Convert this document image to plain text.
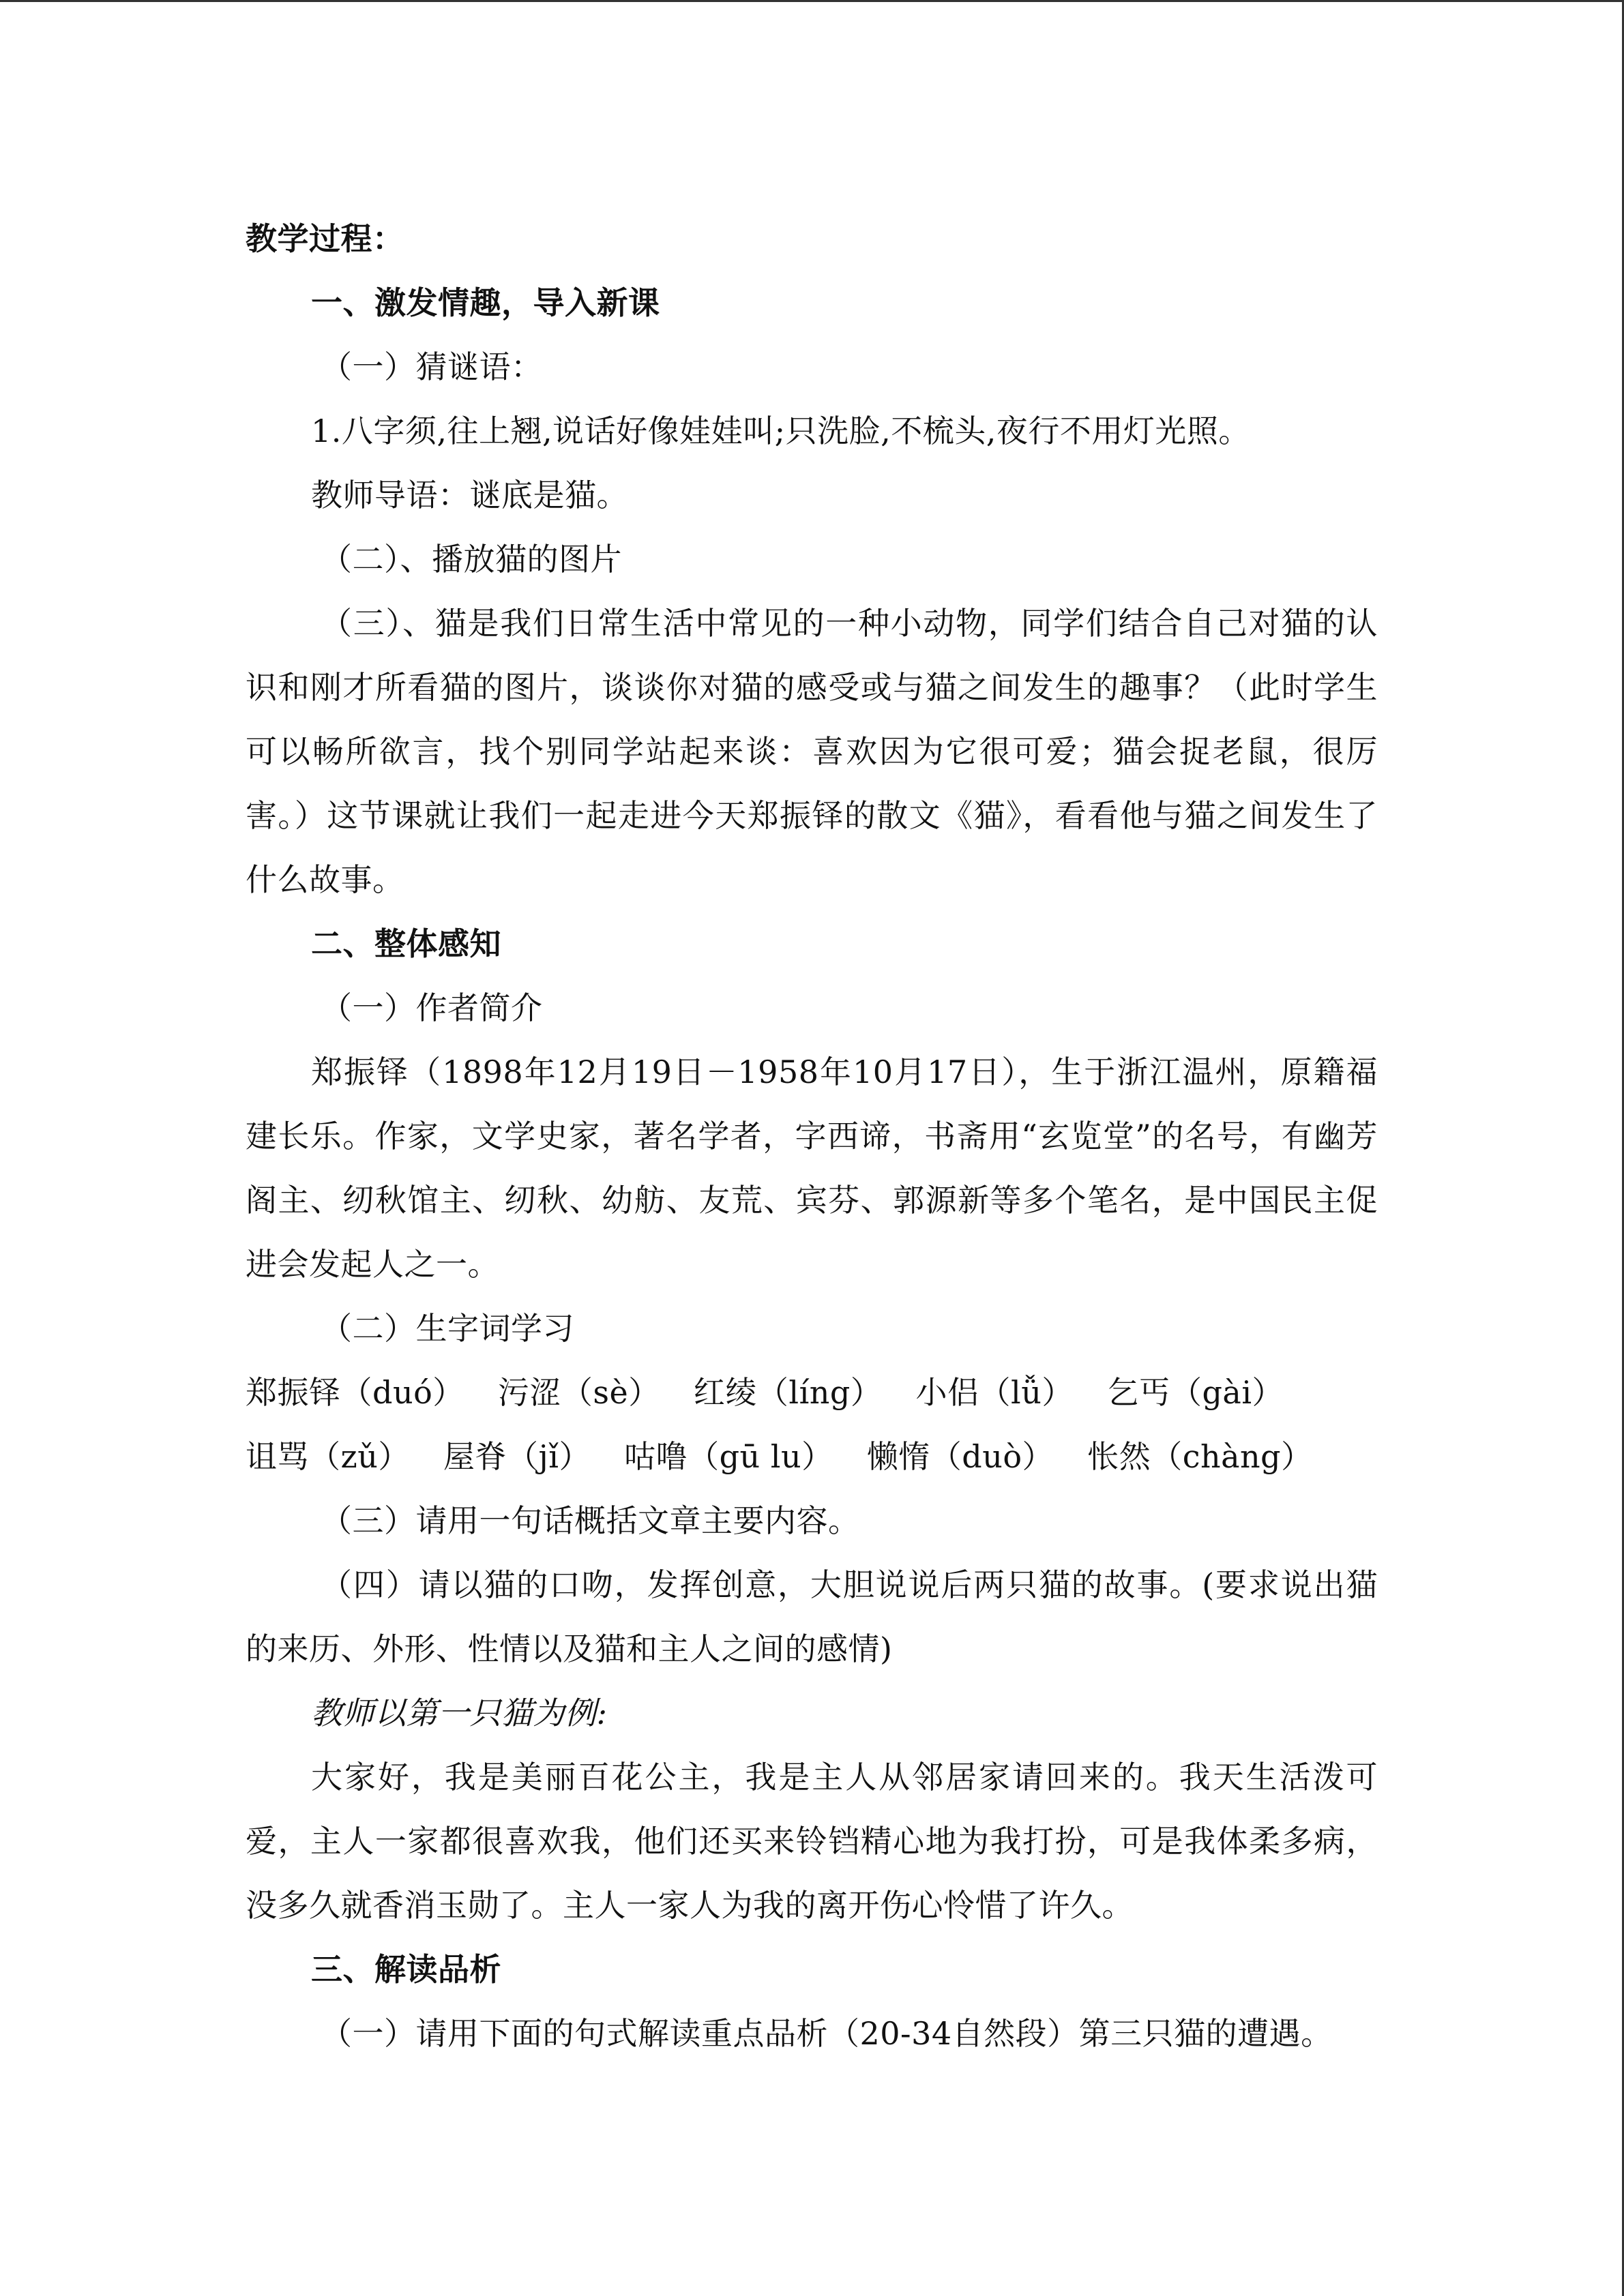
教学过程：
一、激发情趣，导入新课
（一）猜谜语：
1.八字须,往上翘,说话好像娃娃叫;只洗脸,不梳头,夜行不用灯光照。
教师导语：谜底是猫。
（二）、播放猫的图片
（三）、猫是我们日常生活中常见的一种小动物，同学们结合自己对猫的认识和刚才所看猫的图片，谈谈你对猫的感受或与猫之间发生的趣事？（此时学生可以畅所欲言，找个别同学站起来谈：喜欢因为它很可爱；猫会捉老鼠，很厉害。）这节课就让我们一起走进今天郑振铎的散文《猫》，看看他与猫之间发生了什么故事。
二、整体感知
（一）作者简介
郑振铎（1898年12月19日－1958年10月17日），生于浙江温州，原籍福建长乐。作家，文学史家，著名学者，字西谛，书斋用“玄览堂”的名号，有幽芳阁主、纫秋馆主、纫秋、幼舫、友荒、宾芬、郭源新等多个笔名，是中国民主促进会发起人之一。
（二）生字词学习
郑振铎（duó） 污涩（sè） 红绫（líng） 小侣（lǚ） 乞丐（gài）
诅骂（zǔ） 屋脊（jǐ） 咕噜（gū lu） 懒惰（duò） 怅然（chàng）
（三）请用一句话概括文章主要内容。
（四）请以猫的口吻，发挥创意，大胆说说后两只猫的故事。(要求说出猫的来历、外形、性情以及猫和主人之间的感情)
教师以第一只猫为例:
大家好，我是美丽百花公主，我是主人从邻居家请回来的。我天生活泼可爱，主人一家都很喜欢我，他们还买来铃铛精心地为我打扮，可是我体柔多病，没多久就香消玉勋了。主人一家人为我的离开伤心怜惜了许久。
三、解读品析
（一）请用下面的句式解读重点品析（20-34自然段）第三只猫的遭遇。
